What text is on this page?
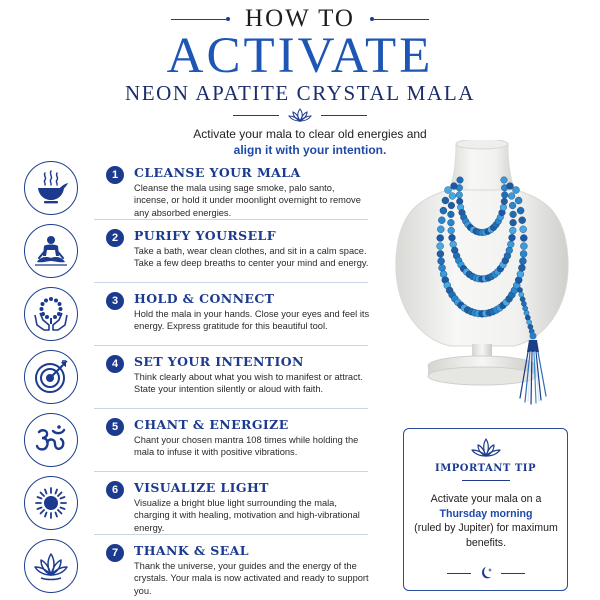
HOW TO
ACTIVATE
NEON APATITE CRYSTAL MALA
Activate your mala to clear old energies and
align it with your intention.
1	CLEANSE YOUR MALA
Cleanse the mala using sage smoke, palo santo, incense, or hold it under moonlight overnight to remove any absorbed energies.
2	PURIFY YOURSELF
Take a bath, wear clean clothes, and sit in a calm space. Take a few deep breaths to center your mind and energy.
3	HOLD & CONNECT
Hold the mala in your hands. Close your eyes and feel its energy. Express gratitude for this beautiful tool.
4	SET YOUR INTENTION
Think clearly about what you wish to manifest or attract. State your intention silently or aloud with faith.
5	CHANT & ENERGIZE
Chant your chosen mantra 108 times while holding the mala to infuse it with positive vibrations.
6	VISUALIZE LIGHT
Visualize a bright blue light surrounding the mala, charging it with healing, motivation and high-vibrational energy.
7	THANK & SEAL
Thank the universe, your guides and the energy of the crystals. Your mala is now activated and ready to support you.
IMPORTANT TIP
Activate your mala on a
Thursday morning
(ruled by Jupiter) for maximum benefits.
